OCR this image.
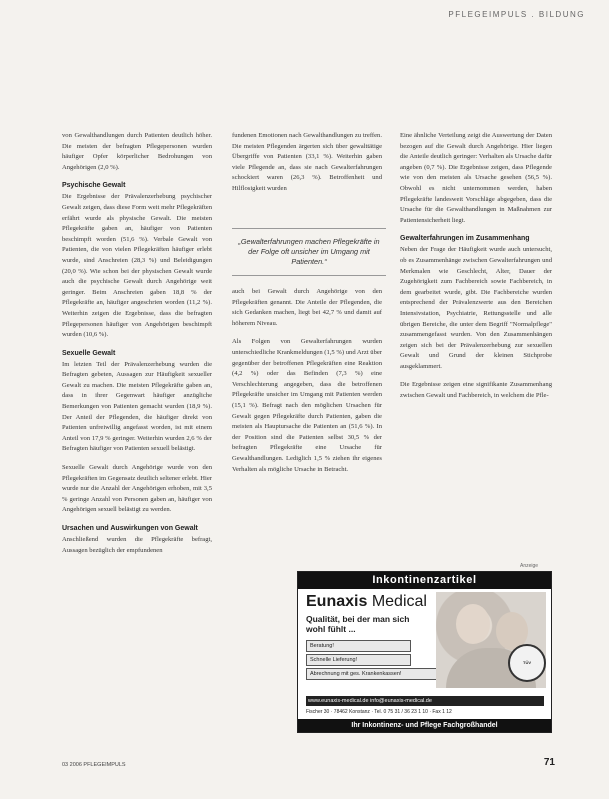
PFLEGEIMPULS . BILDUNG

von Gewalthandlungen durch Patienten deutlich höher. Die meisten der befragten Pflegepersonen wurden häufiger Opfer körperlicher Bedrohungen von Angehörigen (2,0 %).

Psychische Gewalt

Die Ergebnisse der Prävalenzerhebung psychischer Gewalt zeigen, dass diese Form weit mehr Pflegekräften erfährt wurde als physische Gewalt. Die meisten Pflegekräfte gaben an, häufiger von Patienten beschimpft worden (51,6 %). Verbale Gewalt von Patienten, die von vielen Pflegekräften häufiger erlebt wurde, sind Anschreien (28,3 %) und Beleidigungen (20,0 %). Wie schon bei der physischen Gewalt wurde auch die psychische Gewalt durch Angehörige weit geringer. Beim Anschreien gaben 18,8 % der Pflegekräfte an, häufiger angeschrien worden (11,2 %). Weiterhin zeigen die Ergebnisse, dass die befragten Pflegepersonen häufiger von Angehörigen beschimpft wurden (10,6 %).

Sexuelle Gewalt

Im letzten Teil der Prävalenzerhebung wurden die Befragten gebeten, Aussagen zur Häufigkeit sexueller Gewalt zu machen. Die meisten Pflegekräfte gaben an, dass in ihrer Gegenwart häufiger anzügliche Bemerkungen von Patienten gemacht wurden (18,9 %). Der Anteil der Pflegenden, die häufiger direkt von Patienten unfreiwillig angefasst worden, ist mit einem Anteil von 17,9 % geringer. Weiterhin wurden 2,6 % der Befragten häufiger von Patienten sexuell belästigt.

Sexuelle Gewalt durch Angehörige wurde von den Pflegekräften im Gegensatz deutlich seltener erlebt. Hier wurde nur die Anzahl der Angehörigen erhoben, mit 3,5 % geringe Anzahl von Personen gaben an, häufiger von Angehörigen sexuell belästigt zu werden.

Ursachen und Auswirkungen von Gewalt

Anschließend wurden die Pflegekräfte befragt, Aussagen bezüglich der empfundenen

fundenen Emotionen nach Gewalthandlungen zu treffen. Die meisten Pflegenden ärgerten sich über gewalttätige Übergriffe von Patienten (33,1 %). Weiterhin gaben viele Pflegende an, dass sie nach Gewalterfahrungen schockiert waren (26,3 %). Betroffenheit und Hilflosigkeit wurden

„Gewalterfahrungen machen Pflegekräfte in der Folge oft unsicher im Umgang mit Patienten.“

auch bei Gewalt durch Angehörige von den Pflegekräften genannt. Die Anteile der Pflegenden, die sich Gedanken machen, liegt bei 42,7 % und damit auf höherem Niveau.

Als Folgen von Gewalterfahrungen wurden unterschiedliche Krankmeldungen (1,5 %) und Arzt über gegenüber der betroffenen Pflegekräften eine Reaktion (4,2 %) oder das Befinden (7,3 %) eine Verschlechterung angegeben, dass die betroffenen Pflegekräfte unsicher im Umgang mit Patienten werden (15,1 %). Befragt nach den möglichen Ursachen für Gewalt gegen Pflegekräfte durch Patienten, gaben die meisten als Hauptursache die Patienten an (51,6 %). In der Position sind die Patienten selbst 30,5 % der befragten Pflegekräfte eine Ursache für Gewalthandlungen. Lediglich 1,5 % ziehen ihr eigenes Verhalten als mögliche Ursache in Betracht.

Eine ähnliche Verteilung zeigt die Auswertung der Daten bezogen auf die Gewalt durch Angehörige. Hier liegen die Anteile deutlich geringer: Verhalten als Ursache dafür angeben (0,7 %). Die Ergebnisse zeigen, dass Pflegende wie von den meisten als Ursache gesehen (56,5 %). Obwohl es nicht unternommen werden, haben Pflegekräfte landesweit Vorschläge abgegeben, dass die Ursache für die Gewalthandlungen in Maßnahmen zur Patientensicherheit liegt.

Gewalterfahrungen im Zusammenhang

Neben der Frage der Häufigkeit wurde auch untersucht, ob es Zusammenhänge zwischen Gewalterfahrungen und Merkmalen wie Geschlecht, Alter, Dauer der Zugehörigkeit zum Fachbereich sowie Fachbereich, in dem gearbeitet wurde, gibt. Die Fachbereiche wurden entsprechend der Prävalenzwerte aus den Bereichen Intensivstation, Psychiatrie, Rettungsstelle und alle übrigen Bereiche, die unter dem Begriff "Normalpflege" zusammengefasst wurden. Von den Zusammenhängen zeigen sich bei der Prävalenzerhebung zur sexuellen Gewalt und Grund der kleinen Stichprobe ausgeklammert.

Die Ergebnisse zeigen eine signifikante Zusammenhang zwischen Gewalt und Fachbereich, in welchem die Pfle-

Anzeige
Inkontinenzartikel
Eunaxis Medical
Qualität, bei der man sich wohl fühlt ...
Beratung!
Schnelle Lieferung!
Abrechnung mit ges. Krankenkassen!
TÜV
www.eunaxis-medical.de info@eunaxis-medical.de
Fischer 30 · 78462 Konstanz · Tel. 0 75 31 / 36 23 1 10 · Fax 1 12
Ihr Inkontinenz- und Pflege Fachgroßhandel
03 2006 PFLEGEIMPULS	71
